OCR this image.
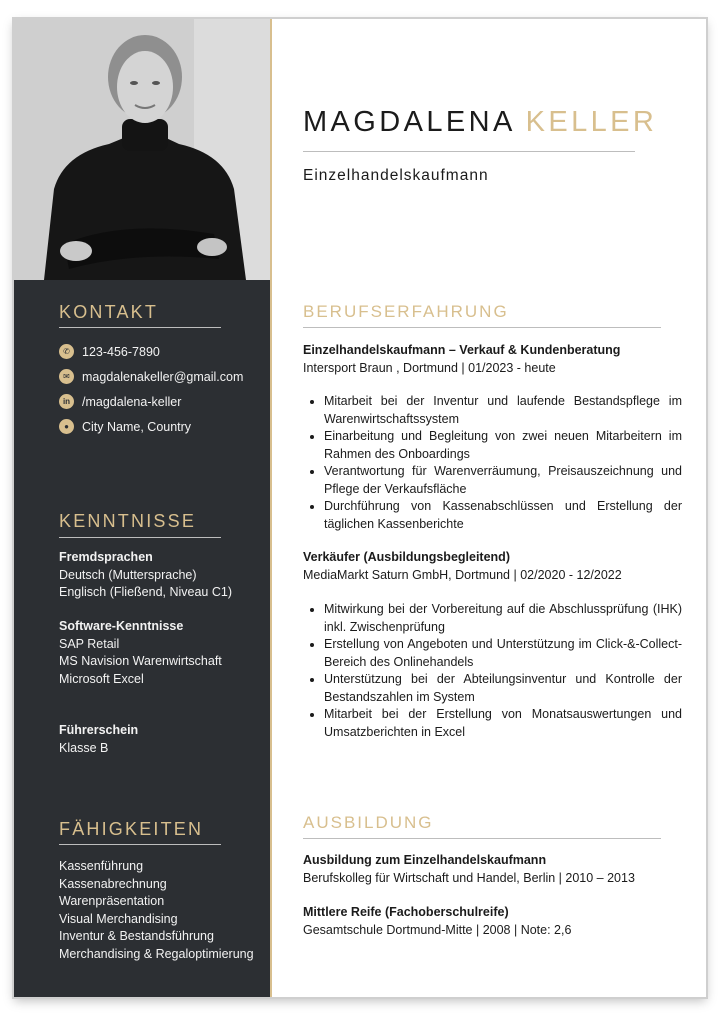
KONTAKT
✆ 123-456-7890
✉ magdalenakeller@gmail.com
in /magdalena-keller
●	City Name, Country
KENNTNISSE
Fremdsprachen
Deutsch (Muttersprache)
Englisch (Fließend, Niveau C1)
Software-Kenntnisse
SAP Retail
MS Navision Warenwirtschaft
Microsoft Excel
Führerschein
Klasse B
FÄHIGKEITEN
Kassenführung
Kassenabrechnung
Warenpräsentation
Visual Merchandising
Inventur & Bestandsführung
Merchandising & Regaloptimierung
MAGDALENA KELLER
Einzelhandelskaufmann
BERUFSERFAHRUNG
Einzelhandelskaufmann – Verkauf & Kundenberatung
Intersport Braun , Dortmund | 01/2023 - heute
• Mitarbeit bei der Inventur und laufende Bestandspflege im Warenwirtschaftssystem
• Einarbeitung und Begleitung von zwei neuen Mitarbeitern im Rahmen des Onboardings
• Verantwortung für Warenverräumung, Preisauszeichnung und Pflege der Verkaufsfläche
• Durchführung von Kassenabschlüssen und Erstellung der täglichen Kassenberichte
Verkäufer (Ausbildungsbegleitend)
MediaMarkt Saturn GmbH, Dortmund | 02/2020 - 12/2022
• Mitwirkung bei der Vorbereitung auf die Abschlussprüfung (IHK) inkl. Zwischenprüfung
• Erstellung von Angeboten und Unterstützung im Click-&-Collect-Bereich des Onlinehandels
• Unterstützung bei der Abteilungsinventur und Kontrolle der Bestandszahlen im System
• Mitarbeit bei der Erstellung von Monatsauswertungen und Umsatzberichten in Excel
AUSBILDUNG
Ausbildung zum Einzelhandelskaufmann
Berufskolleg für Wirtschaft und Handel, Berlin | 2010 – 2013
Mittlere Reife (Fachoberschulreife)
Gesamtschule Dortmund-Mitte | 2008 | Note: 2,6
